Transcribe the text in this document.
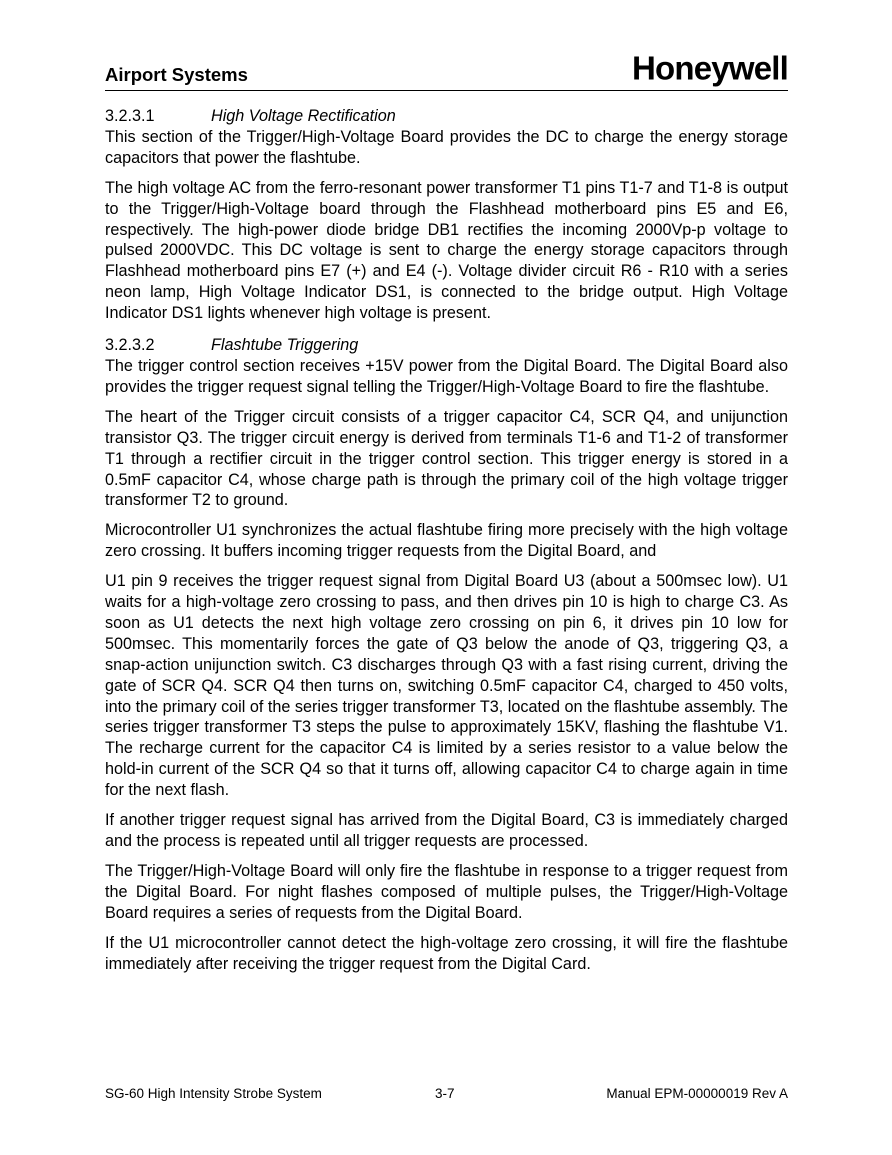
Airport Systems	Honeywell
3.2.3.1	High Voltage Rectification

This section of the Trigger/High-Voltage Board provides the DC to charge the energy storage capacitors that power the flashtube.

The high voltage AC from the ferro-resonant power transformer T1 pins T1-7 and T1-8 is output to the Trigger/High-Voltage board through the Flashhead motherboard pins E5 and E6, respectively. The high-power diode bridge DB1 rectifies the incoming 2000Vp-p voltage to pulsed 2000VDC. This DC voltage is sent to charge the energy storage capacitors through Flashhead motherboard pins E7 (+) and E4 (-). Voltage divider circuit R6 - R10 with a series neon lamp, High Voltage Indicator DS1, is connected to the bridge output. High Voltage Indicator DS1 lights whenever high voltage is present.

3.2.3.2	Flashtube Triggering

The trigger control section receives +15V power from the Digital Board. The Digital Board also provides the trigger request signal telling the Trigger/High-Voltage Board to fire the flashtube.

The heart of the Trigger circuit consists of a trigger capacitor C4, SCR Q4, and unijunction transistor Q3. The trigger circuit energy is derived from terminals T1-6 and T1-2 of transformer T1 through a rectifier circuit in the trigger control section. This trigger energy is stored in a 0.5mF capacitor C4, whose charge path is through the primary coil of the high voltage trigger transformer T2 to ground.

Microcontroller U1 synchronizes the actual flashtube firing more precisely with the high voltage zero crossing. It buffers incoming trigger requests from the Digital Board, and

U1 pin 9 receives the trigger request signal from Digital Board U3 (about a 500msec low). U1 waits for a high-voltage zero crossing to pass, and then drives pin 10 is high to charge C3. As soon as U1 detects the next high voltage zero crossing on pin 6, it drives pin 10 low for 500msec. This momentarily forces the gate of Q3 below the anode of Q3, triggering Q3, a snap-action unijunction switch. C3 discharges through Q3 with a fast rising current, driving the gate of SCR Q4. SCR Q4 then turns on, switching 0.5mF capacitor C4, charged to 450 volts, into the primary coil of the series trigger transformer T3, located on the flashtube assembly. The series trigger transformer T3 steps the pulse to approximately 15KV, flashing the flashtube V1. The recharge current for the capacitor C4 is limited by a series resistor to a value below the hold-in current of the SCR Q4 so that it turns off, allowing capacitor C4 to charge again in time for the next flash.

If another trigger request signal has arrived from the Digital Board, C3 is immediately charged and the process is repeated until all trigger requests are processed.

The Trigger/High-Voltage Board will only fire the flashtube in response to a trigger request from the Digital Board. For night flashes composed of multiple pulses, the Trigger/High-Voltage Board requires a series of requests from the Digital Board.

If the U1 microcontroller cannot detect the high-voltage zero crossing, it will fire the flashtube immediately after receiving the trigger request from the Digital Card.

SG-60 High Intensity Strobe System	3-7	Manual EPM-00000019 Rev A
